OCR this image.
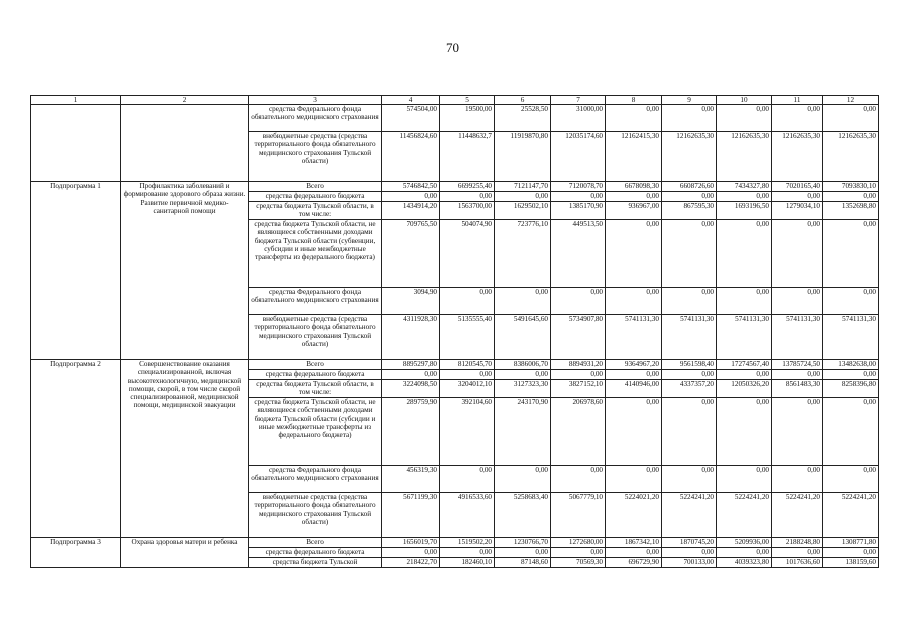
70
1	2	3	4	5	6	7	8	9	10	11	12
		средства Федерального фонда обязательного медицинского страхования	574504,00	19500,00	25528,50	31000,00	0,00	0,00	0,00	0,00	0,00
		внебюджетные средства (средства территориального фонда обязательного медицинского страхования Тульской области)	11456824,60	11448632,7	11919870,80	12035174,60	12162415,30	12162635,30	12162635,30	12162635,30	12162635,30
Подпрограмма 1	Профилактика заболеваний и формирование здорового образа жизни. Развитие первичной медико-санитарной помощи	Всего	5746842,50	6699255,40	7121147,70	7120078,70	6678098,30	6608726,60	7434327,80	7020165,40	7093830,10
		средства федерального бюджета	0,00	0,00	0,00	0,00	0,00	0,00	0,00	0,00	0,00
		средства бюджета Тульской области, в том числе:	1434914,20	1563700,00	1629502,10	1385170,90	936967,00	867595,30	1693196,50	1279034,10	1352698,80
		средства бюджета Тульской области, не являющиеся собственными доходами бюджета Тульской области (субвенции, субсидии и иные межбюджетные трансферты из федерального бюджета)	709765,50	504074,90	723776,10	449513,50	0,00	0,00	0,00	0,00	0,00
		средства Федерального фонда обязательного медицинского страхования	3094,90	0,00	0,00	0,00	0,00	0,00	0,00	0,00	0,00
		внебюджетные средства (средства территориального фонда обязательного медицинского страхования Тульской области)	4311928,30	5135555,40	5491645,60	5734907,80	5741131,30	5741131,30	5741131,30	5741131,30	5741131,30
Подпрограмма 2	Совершенствование оказания специализированной, включая высокотехнологичную, медицинской помощи, скорой, в том числе скорой специализированной, медицинской помощи, медицинской эвакуации	Всего	8895297,80	8120545,70	8386006,70	8894931,20	9364967,20	9561598,40	17274567,40	13785724,50	13482638,00
		средства федерального бюджета	0,00	0,00	0,00	0,00	0,00	0,00	0,00	0,00	0,00
		средства бюджета Тульской области, в том числе:	3224098,50	3204012,10	3127323,30	3827152,10	4140946,00	4337357,20	12050326,20	8561483,30	8258396,80
		средства бюджета Тульской области, не являющиеся собственными доходами бюджета Тульской области (субсидии и иные межбюджетные трансферты из федерального бюджета)	289759,90	392104,60	243170,90	206978,60	0,00	0,00	0,00	0,00	0,00
		средства Федерального фонда обязательного медицинского страхования	456319,30	0,00	0,00	0,00	0,00	0,00	0,00	0,00	0,00
		внебюджетные средства (средства территориального фонда обязательного медицинского страхования Тульской области)	5671199,30	4916533,60	5258683,40	5067779,10	5224021,20	5224241,20	5224241,20	5224241,20	5224241,20
Подпрограмма 3	Охрана здоровья матери и ребенка	Всего	1656019,70	1519502,20	1230766,70	1272680,00	1867342,10	1870745,20	5209936,00	2188248,80	1308771,80
		средства федерального бюджета	0,00	0,00	0,00	0,00	0,00	0,00	0,00	0,00	0,00
		средства бюджета Тульской	218422,70	182460,10	87148,60	70569,30	696729,90	700133,00	4039323,80	1017636,60	138159,60
